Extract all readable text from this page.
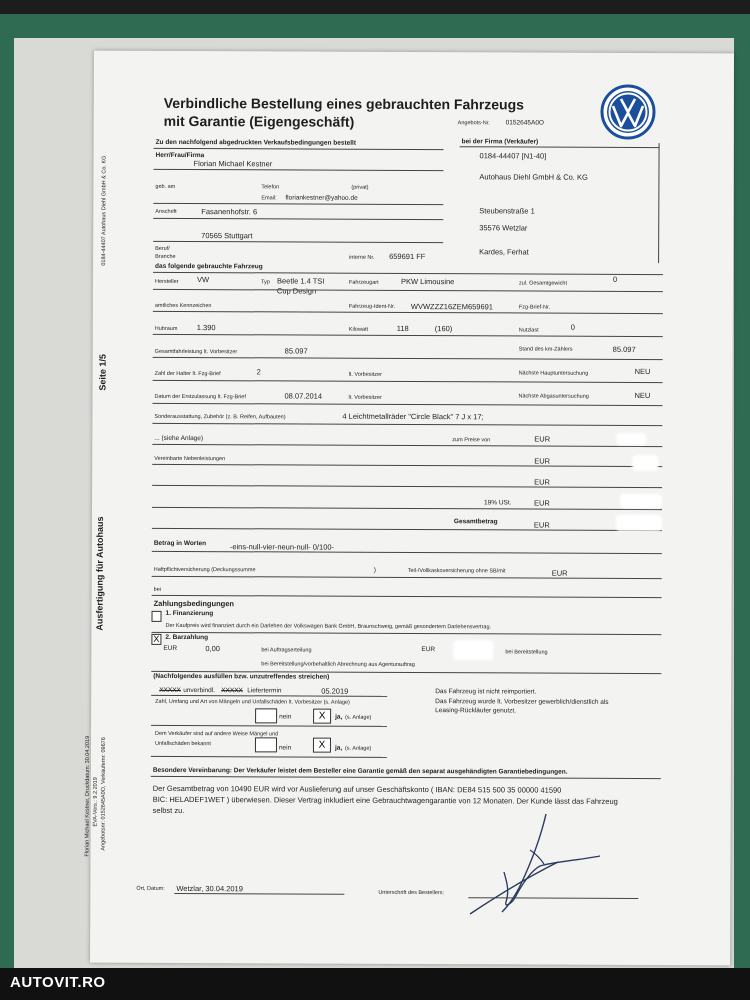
Verbindliche Bestellung eines gebrauchten Fahrzeugs
mit Garantie (Eigengeschäft)	Angebots-Nr. 0152645A0O
0184-44407 Autohaus Diehl GmbH & Co. KG
Seite 1/5
Ausfertigung für Autohaus
Florian Michael Kestner, Druckdatum: 30.04.2019 EVA-Vers.: 9.2.2019 Angebotsnr: 0152645A0O, Verkäufernr: 09676
Zu den nachfolgend abgedruckten Verkaufsbedingungen bestellt
Herr/Frau/Firma
Florian Michael Kestner
geb. am	Telefon	(privat)
Email: floriankestner@yahoo.de
Anschrift	Fasanenhofstr. 6
70565 Stuttgart
Beruf/
Branche	interne Nr. 659691 FF
bei der Firma (Verkäufer)
0184-44407 [N1-40]
Autohaus Diehl GmbH & Co. KG
Steubenstraße 1
35576 Wetzlar
Kardes, Ferhat
das folgende gebrauchte Fahrzeug
Hersteller VW	Typ Beetle 1.4 TSI
Cup Design
Fahrzeugart	PKW Limousine	zul. Gesamtgewicht	0
amtliches Kennzeichen	Fahrzeug-Ident-Nr. WVWZZZ16ZEM659691	Fzg-Brief-Nr.
Hubraum	1.390	Kilowatt	118	(160)	Nutzlast	0
Gesamtfahrleistung lt. Vorbesitzer	85.097	Stand des km-Zählers	85.097
Zahl der Halter lt. Fzg-Brief	2	lt. Vorbesitzer	Nächste Hauptuntersuchung	NEU
Datum der Erstzulassung lt. Fzg-Brief	08.07.2014	lt. Vorbesitzer	Nächste Abgasuntersuchung	NEU
Sonderausstattung, Zubehör (z. B. Reifen, Aufbauten)	4 Leichtmetallräder "Circle Black" 7 J x 17;
... (siehe Anlage)	zum Preise von	EUR
Vereinbarte Nebenleistungen	EUR
EUR
19% USt.	EUR
Gesamtbetrag	EUR
Betrag in Worten	-eins-null-vier-neun-null- 0/100-
Haftpflichtversicherung (Deckungssumme	)	Teil-/Vollkaskoversicherung ohne SB/mit	EUR
bei
Zahlungsbedingungen
1. Finanzierung
Der Kaufpreis wird finanziert durch ein Darlehen der Volkswagen Bank GmbH, Braunschweig, gemäß gesondertem Darlehensvertrag.
X 2. Barzahlung
EUR	0,00	bei Auftragserteilung	EUR	bei Bereitstellung
bei Bereitstellung/vorbehaltlich Abrechnung aus Agenturauftrag
(Nachfolgendes ausfüllen bzw. unzutreffendes streichen)
XXXXX unverbindl. XXXXX Liefertermin	05.2019	Das Fahrzeug ist nicht reimportiert.
Das Fahrzeug wurde lt. Vorbesitzer gewerblich/dienstlich als
Leasing-Rückläufer genutzt.
Zahl, Umfang und Art von Mängeln und Unfallschäden lt. Vorbesitzer (s. Anlage)
nein	X	ja, (s. Anlage)
Dem Verkäufer sind auf andere Weise Mängel und
Unfallschäden bekannt
nein	X	ja, (s. Anlage)
Besondere Vereinbarung: Der Verkäufer leistet dem Besteller eine Garantie gemäß den separat ausgehändigten Garantiebedingungen.
Der Gesamtbetrag von 10490 EUR wird vor Auslieferung auf unser Geschäftskonto ( IBAN: DE84 515 500 35 00000 41590
BIC: HELADEF1WET ) überwiesen. Dieser Vertrag inkludiert eine Gebrauchtwagengarantie von 12 Monaten. Der Kunde lässt das Fahrzeug
selbst zu.
Ort, Datum: Wetzlar, 30.04.2019	Unterschrift des Bestellers:
AUTOVIT.RO
